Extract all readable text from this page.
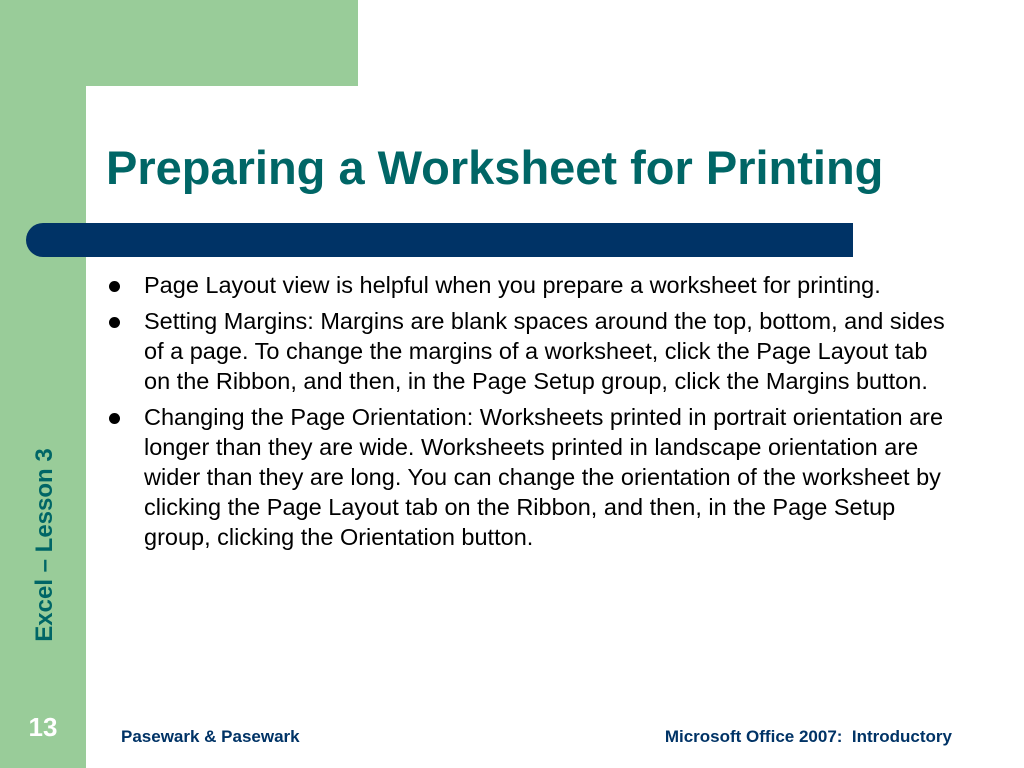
Preparing a Worksheet for Printing
Page Layout view is helpful when you prepare a worksheet for printing.
Setting Margins: Margins are blank spaces around the top, bottom, and sides of a page. To change the margins of a worksheet, click the Page Layout tab on the Ribbon, and then, in the Page Setup group, click the Margins button.
Changing the Page Orientation: Worksheets printed in portrait orientation are longer than they are wide. Worksheets printed in landscape orientation are wider than they are long. You can change the orientation of the worksheet by clicking the Page Layout tab on the Ribbon, and then, in the Page Setup group, clicking the Orientation button.
Excel – Lesson 3
13	Pasewark & Pasewark	Microsoft Office 2007:  Introductory
